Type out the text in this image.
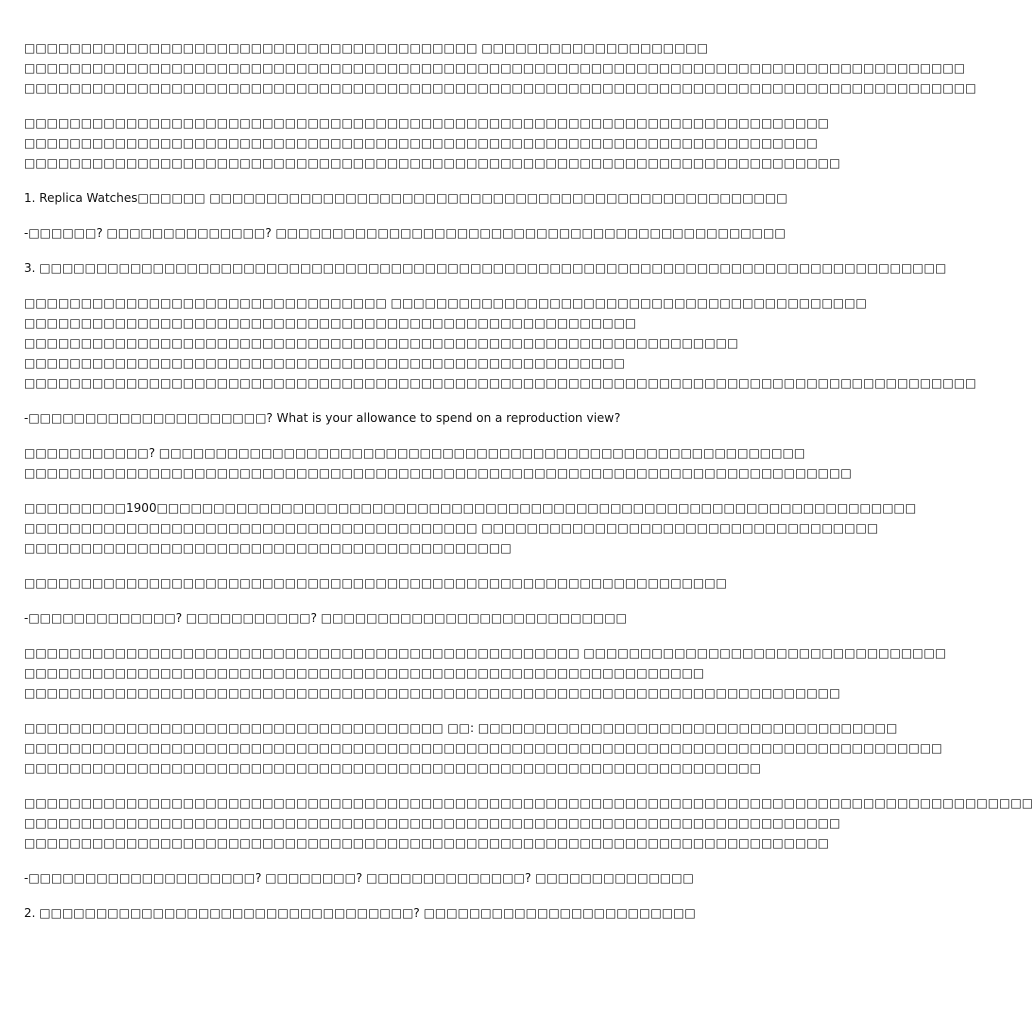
□□□□□□□□□□□□□□□□□□□□□□□□□□□□□□□□□□□□□□□□ □□□□□□□□□□□□□□□□□□□□
□□□□□□□□□□□□□□□□□□□□□□□□□□□□□□□□□□□□□□□□□□□□□□□□□□□□□□□□□□□□□□□□□□□□□□□□□□□□□□□□□□□
□□□□□□□□□□□□□□□□□□□□□□□□□□□□□□□□□□□□□□□□□□□□□□□□□□□□□□□□□□□□□□□□□□□□□□□□□□□□□□□□□□□□

□□□□□□□□□□□□□□□□□□□□□□□□□□□□□□□□□□□□□□□□□□□□□□□□□□□□□□□□□□□□□□□□□□□□□□□
□□□□□□□□□□□□□□□□□□□□□□□□□□□□□□□□□□□□□□□□□□□□□□□□□□□□□□□□□□□□□□□□□□□□□□
□□□□□□□□□□□□□□□□□□□□□□□□□□□□□□□□□□□□□□□□□□□□□□□□□□□□□□□□□□□□□□□□□□□□□□□□

1. Replica Watches□□□□□□ □□□□□□□□□□□□□□□□□□□□□□□□□□□□□□□□□□□□□□□□□□□□□□□□□□□

-□□□□□□? □□□□□□□□□□□□□□? □□□□□□□□□□□□□□□□□□□□□□□□□□□□□□□□□□□□□□□□□□□□□

3. □□□□□□□□□□□□□□□□□□□□□□□□□□□□□□□□□□□□□□□□□□□□□□□□□□□□□□□□□□□□□□□□□□□□□□□□□□□□□□□□

□□□□□□□□□□□□□□□□□□□□□□□□□□□□□□□□ □□□□□□□□□□□□□□□□□□□□□□□□□□□□□□□□□□□□□□□□□□
□□□□□□□□□□□□□□□□□□□□□□□□□□□□□□□□□□□□□□□□□□□□□□□□□□□□□□
□□□□□□□□□□□□□□□□□□□□□□□□□□□□□□□□□□□□□□□□□□□□□□□□□□□□□□□□□□□□□□□
□□□□□□□□□□□□□□□□□□□□□□□□□□□□□□□□□□□□□□□□□□□□□□□□□□□□□
□□□□□□□□□□□□□□□□□□□□□□□□□□□□□□□□□□□□□□□□□□□□□□□□□□□□□□□□□□□□□□□□□□□□□□□□□□□□□□□□□□□□

-□□□□□□□□□□□□□□□□□□□□□? What is your allowance to spend on a reproduction view?

□□□□□□□□□□□? □□□□□□□□□□□□□□□□□□□□□□□□□□□□□□□□□□□□□□□□□□□□□□□□□□□□□□□□□
□□□□□□□□□□□□□□□□□□□□□□□□□□□□□□□□□□□□□□□□□□□□□□□□□□□□□□□□□□□□□□□□□□□□□□□□□

□□□□□□□□□1900□□□□□□□□□□□□□□□□□□□□□□□□□□□□□□□□□□□□□□□□□□□□□□□□□□□□□□□□□□□□□□□□□□□
□□□□□□□□□□□□□□□□□□□□□□□□□□□□□□□□□□□□□□□□ □□□□□□□□□□□□□□□□□□□□□□□□□□□□□□□□□□□
□□□□□□□□□□□□□□□□□□□□□□□□□□□□□□□□□□□□□□□□□□□

□□□□□□□□□□□□□□□□□□□□□□□□□□□□□□□□□□□□□□□□□□□□□□□□□□□□□□□□□□□□□□

-□□□□□□□□□□□□□? □□□□□□□□□□□? □□□□□□□□□□□□□□□□□□□□□□□□□□□

□□□□□□□□□□□□□□□□□□□□□□□□□□□□□□□□□□□□□□□□□□□□□□□□□ □□□□□□□□□□□□□□□□□□□□□□□□□□□□□□□□
□□□□□□□□□□□□□□□□□□□□□□□□□□□□□□□□□□□□□□□□□□□□□□□□□□□□□□□□□□□□
□□□□□□□□□□□□□□□□□□□□□□□□□□□□□□□□□□□□□□□□□□□□□□□□□□□□□□□□□□□□□□□□□□□□□□□□

□□□□□□□□□□□□□□□□□□□□□□□□□□□□□□□□□□□□□ □□: □□□□□□□□□□□□□□□□□□□□□□□□□□□□□□□□□□□□□
□□□□□□□□□□□□□□□□□□□□□□□□□□□□□□□□□□□□□□□□□□□□□□□□□□□□□□□□□□□□□□□□□□□□□□□□□□□□□□□□□
□□□□□□□□□□□□□□□□□□□□□□□□□□□□□□□□□□□□□□□□□□□□□□□□□□□□□□□□□□□□□□□□□

□□□□□□□□□□□□□□□□□□□□□□□□□□□□□□□□□□□□□□□□□□□□□□□□□□□□□□□□□□□□□□□□□□□□□□□□□□□□□□□□□□□□□□□□□
□□□□□□□□□□□□□□□□□□□□□□□□□□□□□□□□□□□□□□□□□□□□□□□□□□□□□□□□□□□□□□□□□□□□□□□□
□□□□□□□□□□□□□□□□□□□□□□□□□□□□□□□□□□□□□□□□□□□□□□□□□□□□□□□□□□□□□□□□□□□□□□□

-□□□□□□□□□□□□□□□□□□□□? □□□□□□□□? □□□□□□□□□□□□□□? □□□□□□□□□□□□□□

2. □□□□□□□□□□□□□□□□□□□□□□□□□□□□□□□□□? □□□□□□□□□□□□□□□□□□□□□□□□
